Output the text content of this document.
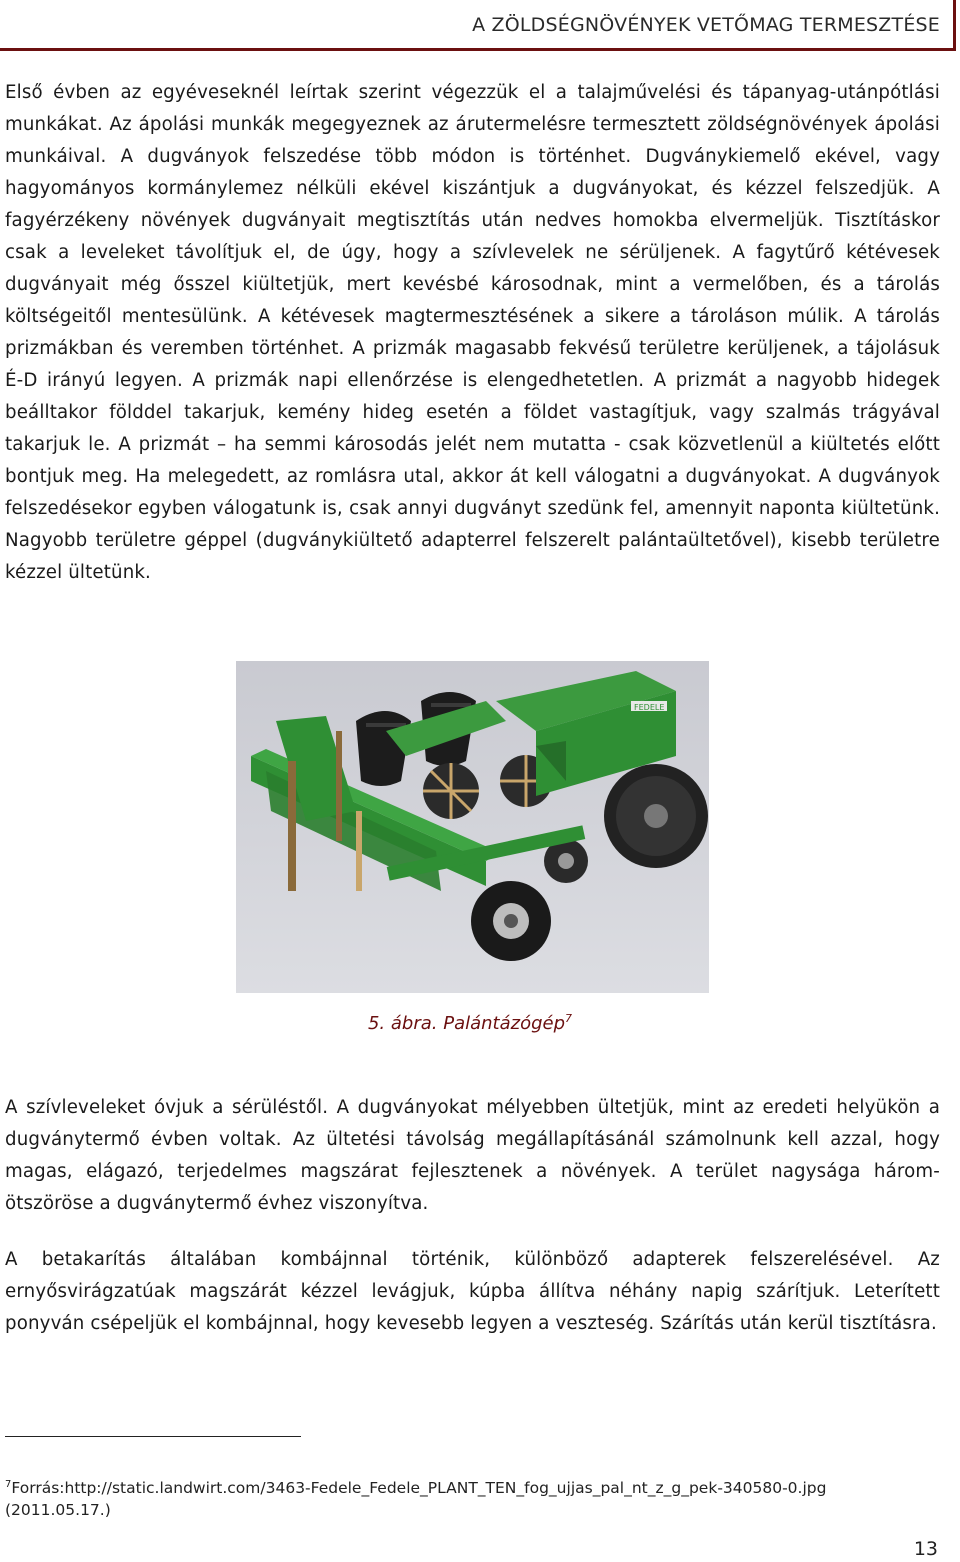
A ZÖLDSÉGNÖVÉNYEK VETŐMAG TERMESZTÉSE

Első évben az egyéveseknél leírtak szerint végezzük el a talajművelési és tápanyag-utánpótlási munkákat. Az ápolási munkák megegyeznek az árutermelésre termesztett zöldségnövények ápolási munkáival. A dugványok felszedése több módon is történhet. Dugványkiemelő ekével, vagy hagyományos kormánylemez nélküli ekével kiszántjuk a dugványokat, és kézzel felszedjük. A fagyérzékeny növények dugványait megtisztítás után nedves homokba elvermeljük. Tisztításkor csak a leveleket távolítjuk el, de úgy, hogy a szívlevelek ne sérüljenek. A fagytűrő kétévesek dugványait még ősszel kiültetjük, mert kevésbé károsodnak, mint a vermelőben, és a tárolás költségeitől mentesülünk. A kétévesek magtermesztésének a sikere a tároláson múlik. A tárolás prizmákban és veremben történhet. A prizmák magasabb fekvésű területre kerüljenek, a tájolásuk É-D irányú legyen. A prizmák napi ellenőrzése is elengedhetetlen. A prizmát a nagyobb hidegek beálltakor földdel takarjuk, kemény hideg esetén a földet vastagítjuk, vagy szalmás trágyával takarjuk le. A prizmát – ha semmi károsodás jelét nem mutatta - csak közvetlenül a kiültetés előtt bontjuk meg. Ha melegedett, az romlásra utal, akkor át kell válogatni a dugványokat. A dugványok felszedésekor egyben válogatunk is, csak annyi dugványt szedünk fel, amennyit naponta kiültetünk. Nagyobb területre géppel (dugványkiültető adapterrel felszerelt palántaültetővel), kisebb területre kézzel ültetünk.

FEDELE
5. ábra. Palántázógép$^7$

A szívleveleket óvjuk a sérüléstől. A dugványokat mélyebben ültetjük, mint az eredeti helyükön a dugványtermő évben voltak. Az ültetési távolság megállapításánál számolnunk kell azzal, hogy magas, elágazó, terjedelmes magszárat fejlesztenek a növények. A terület nagysága három- ötszöröse a dugványtermő évhez viszonyítva.

A betakarítás általában kombájnnal történik, különböző adapterek felszerelésével. Az ernyősvirágzatúak magszárát kézzel levágjuk, kúpba állítva néhány napig szárítjuk. Leterített ponyván csépeljük el kombájnnal, hogy kevesebb legyen a veszteség. Szárítás után kerül tisztításra.

$^7$Forrás:http://static.landwirt.com/3463-Fedele_Fedele_PLANT_TEN_fog_ujjas_pal_nt_z_g_pek-340580-0.jpg (2011.05.17.)
13
